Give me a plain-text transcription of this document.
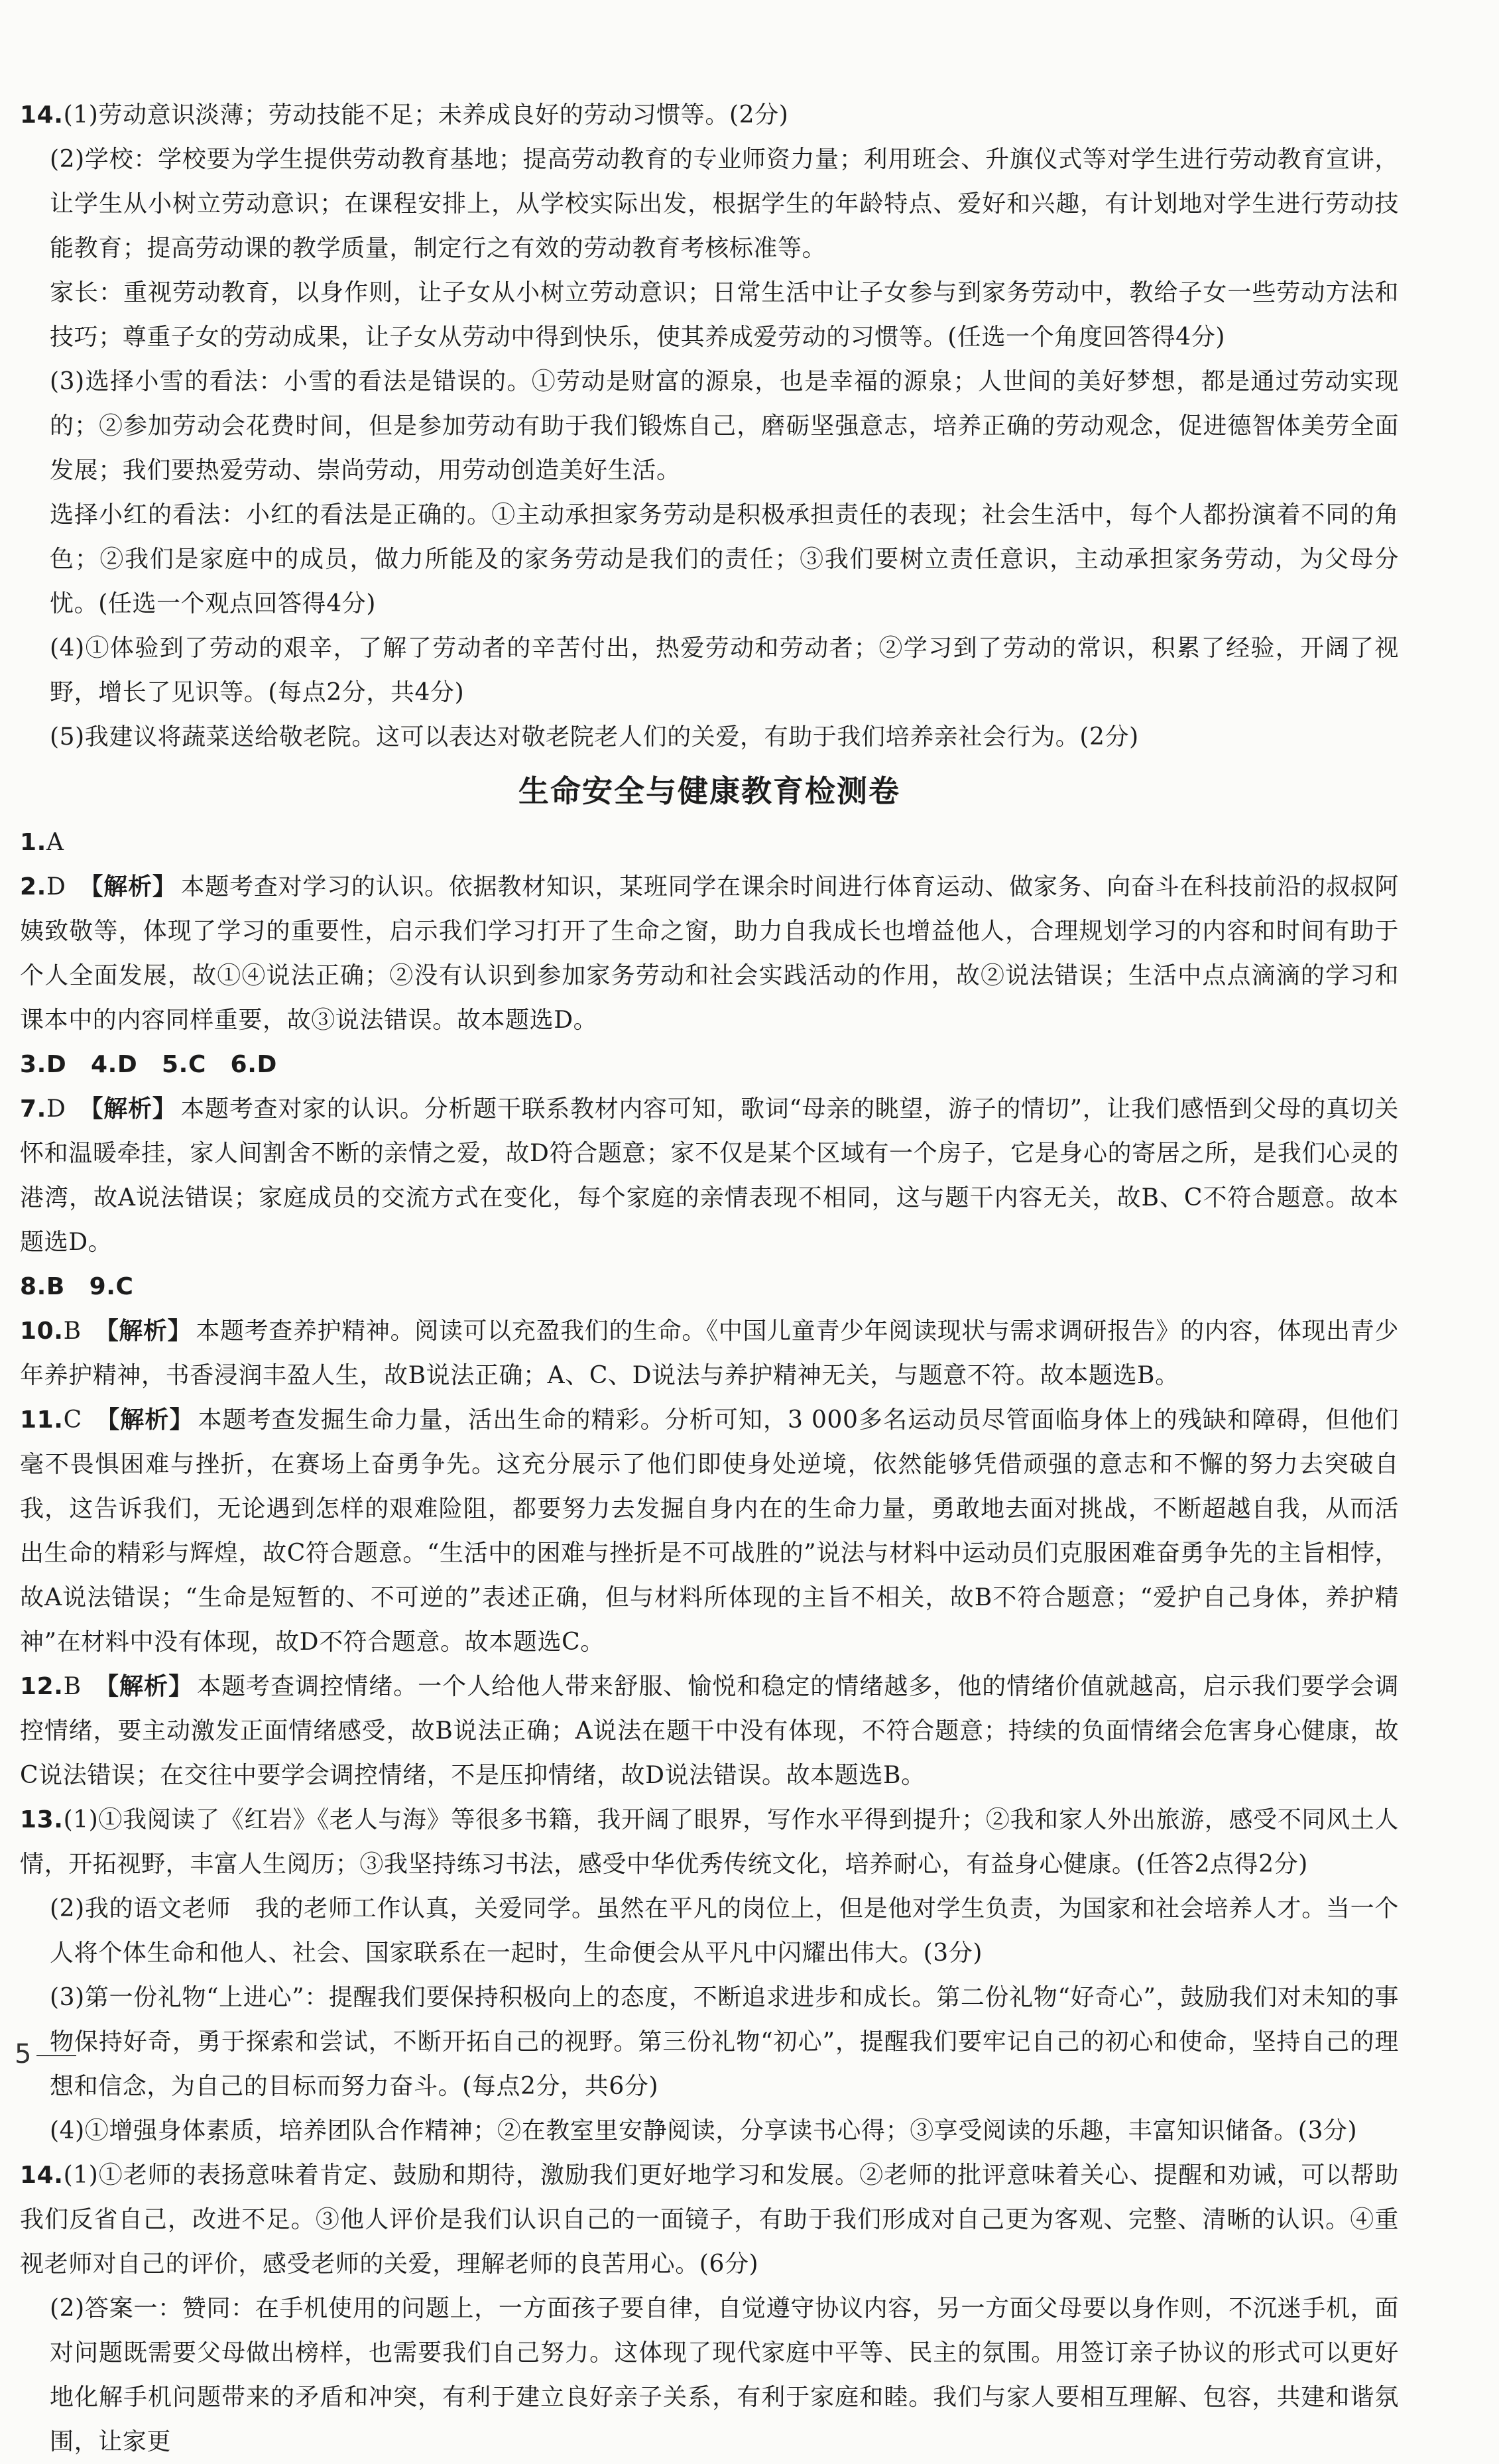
14.(1)劳动意识淡薄；劳动技能不足；未养成良好的劳动习惯等。(2分)

(2)学校：学校要为学生提供劳动教育基地；提高劳动教育的专业师资力量；利用班会、升旗仪式等对学生进行劳动教育宣讲，让学生从小树立劳动意识；在课程安排上，从学校实际出发，根据学生的年龄特点、爱好和兴趣，有计划地对学生进行劳动技能教育；提高劳动课的教学质量，制定行之有效的劳动教育考核标准等。

家长：重视劳动教育，以身作则，让子女从小树立劳动意识；日常生活中让子女参与到家务劳动中，教给子女一些劳动方法和技巧；尊重子女的劳动成果，让子女从劳动中得到快乐，使其养成爱劳动的习惯等。(任选一个角度回答得4分)

(3)选择小雪的看法：小雪的看法是错误的。①劳动是财富的源泉，也是幸福的源泉；人世间的美好梦想，都是通过劳动实现的；②参加劳动会花费时间，但是参加劳动有助于我们锻炼自己，磨砺坚强意志，培养正确的劳动观念，促进德智体美劳全面发展；我们要热爱劳动、崇尚劳动，用劳动创造美好生活。

选择小红的看法：小红的看法是正确的。①主动承担家务劳动是积极承担责任的表现；社会生活中，每个人都扮演着不同的角色；②我们是家庭中的成员，做力所能及的家务劳动是我们的责任；③我们要树立责任意识，主动承担家务劳动，为父母分忧。(任选一个观点回答得4分)

(4)①体验到了劳动的艰辛，了解了劳动者的辛苦付出，热爱劳动和劳动者；②学习到了劳动的常识，积累了经验，开阔了视野，增长了见识等。(每点2分，共4分)

(5)我建议将蔬菜送给敬老院。这可以表达对敬老院老人们的关爱，有助于我们培养亲社会行为。(2分)

生命安全与健康教育检测卷

1.A

2.D 【解析】 本题考查对学习的认识。依据教材知识，某班同学在课余时间进行体育运动、做家务、向奋斗在科技前沿的叔叔阿姨致敬等，体现了学习的重要性，启示我们学习打开了生命之窗，助力自我成长也增益他人，合理规划学习的内容和时间有助于个人全面发展，故①④说法正确；②没有认识到参加家务劳动和社会实践活动的作用，故②说法错误；生活中点点滴滴的学习和课本中的内容同样重要，故③说法错误。故本题选D。

3.D　4.D　5.C　6.D

7.D 【解析】 本题考查对家的认识。分析题干联系教材内容可知，歌词“母亲的眺望，游子的情切”，让我们感悟到父母的真切关怀和温暖牵挂，家人间割舍不断的亲情之爱，故D符合题意；家不仅是某个区域有一个房子，它是身心的寄居之所，是我们心灵的港湾，故A说法错误；家庭成员的交流方式在变化，每个家庭的亲情表现不相同，这与题干内容无关，故B、C不符合题意。故本题选D。

8.B　9.C

10.B 【解析】 本题考查养护精神。阅读可以充盈我们的生命。《中国儿童青少年阅读现状与需求调研报告》的内容，体现出青少年养护精神，书香浸润丰盈人生，故B说法正确；A、C、D说法与养护精神无关，与题意不符。故本题选B。

11.C 【解析】 本题考查发掘生命力量，活出生命的精彩。分析可知，3 000多名运动员尽管面临身体上的残缺和障碍，但他们毫不畏惧困难与挫折，在赛场上奋勇争先。这充分展示了他们即使身处逆境，依然能够凭借顽强的意志和不懈的努力去突破自我，这告诉我们，无论遇到怎样的艰难险阻，都要努力去发掘自身内在的生命力量，勇敢地去面对挑战，不断超越自我，从而活出生命的精彩与辉煌，故C符合题意。“生活中的困难与挫折是不可战胜的”说法与材料中运动员们克服困难奋勇争先的主旨相悖，故A说法错误；“生命是短暂的、不可逆的”表述正确，但与材料所体现的主旨不相关，故B不符合题意；“爱护自己身体，养护精神”在材料中没有体现，故D不符合题意。故本题选C。

12.B 【解析】 本题考查调控情绪。一个人给他人带来舒服、愉悦和稳定的情绪越多，他的情绪价值就越高，启示我们要学会调控情绪，要主动激发正面情绪感受，故B说法正确；A说法在题干中没有体现，不符合题意；持续的负面情绪会危害身心健康，故C说法错误；在交往中要学会调控情绪，不是压抑情绪，故D说法错误。故本题选B。

13.(1)①我阅读了《红岩》《老人与海》等很多书籍，我开阔了眼界，写作水平得到提升；②我和家人外出旅游，感受不同风土人情，开拓视野，丰富人生阅历；③我坚持练习书法，感受中华优秀传统文化，培养耐心，有益身心健康。(任答2点得2分)

(2)我的语文老师　我的老师工作认真，关爱同学。虽然在平凡的岗位上，但是他对学生负责，为国家和社会培养人才。当一个人将个体生命和他人、社会、国家联系在一起时，生命便会从平凡中闪耀出伟大。(3分)

(3)第一份礼物“上进心”：提醒我们要保持积极向上的态度，不断追求进步和成长。第二份礼物“好奇心”，鼓励我们对未知的事物保持好奇，勇于探索和尝试，不断开拓自己的视野。第三份礼物“初心”，提醒我们要牢记自己的初心和使命，坚持自己的理想和信念，为自己的目标而努力奋斗。(每点2分，共6分)

(4)①增强身体素质，培养团队合作精神；②在教室里安静阅读，分享读书心得；③享受阅读的乐趣，丰富知识储备。(3分)

14.(1)①老师的表扬意味着肯定、鼓励和期待，激励我们更好地学习和发展。②老师的批评意味着关心、提醒和劝诫，可以帮助我们反省自己，改进不足。③他人评价是我们认识自己的一面镜子，有助于我们形成对自己更为客观、完整、清晰的认识。④重视老师对自己的评价，感受老师的关爱，理解老师的良苦用心。(6分)

(2)答案一：赞同：在手机使用的问题上，一方面孩子要自律，自觉遵守协议内容，另一方面父母要以身作则，不沉迷手机，面对问题既需要父母做出榜样，也需要我们自己努力。这体现了现代家庭中平等、民主的氛围。用签订亲子协议的形式可以更好地化解手机问题带来的矛盾和冲突，有利于建立良好亲子关系，有利于家庭和睦。我们与家人要相互理解、包容，共建和谐氛围，让家更

5
